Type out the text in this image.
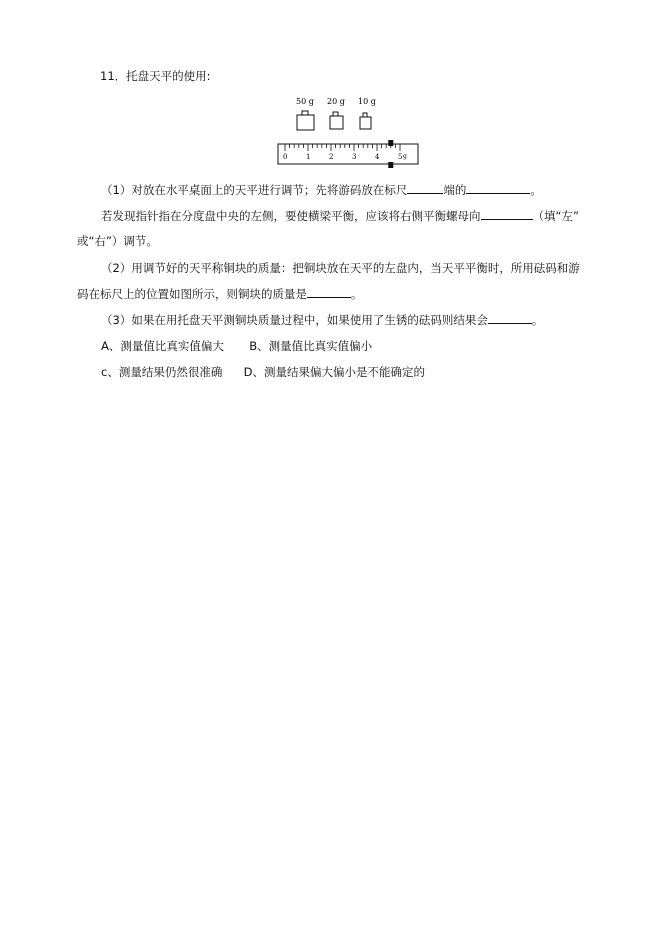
11．托盘天平的使用:
50 g 20 g 10 g
0	1	2	3	4	5 g
（1）对放在水平桌面上的天平进行调节；先将游码放在标尺	端的	。
若发现指针指在分度盘中央的左侧，要使横梁平衡，应该将右侧平衡螺母向	（填“左”
或“右”）调节。
（2）用调节好的天平称铜块的质量：把铜块放在天平的左盘内，当天平平衡时，所用砝码和游
码在标尺上的位置如图所示，则铜块的质量是	。
（3）如果在用托盘天平测铜块质量过程中，如果使用了生锈的砝码则结果会	。
A、测量值比真实值偏大 B、测量值比真实值偏小
c、测量结果仍然很准确 D、测量结果偏大偏小是不能确定的
